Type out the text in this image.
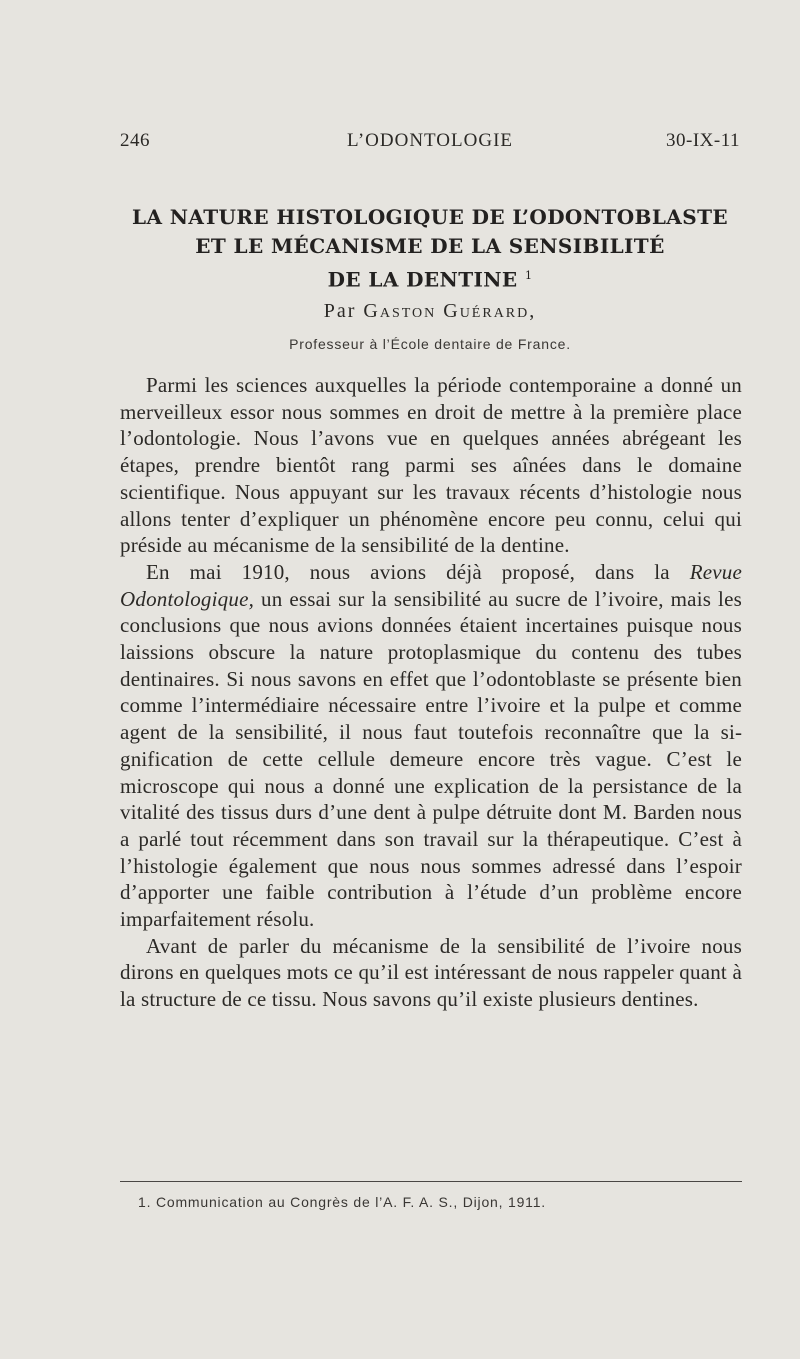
246	L’ODONTOLOGIE	30-IX-11
LA NATURE HISTOLOGIQUE DE L’ODONTOBLASTE
ET LE MÉCANISME DE LA SENSIBILITÉ
DE LA DENTINE $^1$
Par Gaston Guérard,
Professeur à l’École dentaire de France.

Parmi les sciences auxquelles la période contemporaine a donné un merveilleux essor nous sommes en droit de mettre à la première place l’odontologie. Nous l’avons vue en quelques années abrégeant les étapes, prendre bientôt rang parmi ses aînées dans le domaine scientifique. Nous appuyant sur les travaux récents d’histologie nous allons tenter d’expliquer un phénomène encore peu connu, celui qui préside au mécanisme de la sensibilité de la dentine.

En mai 1910, nous avions déjà proposé, dans la Revue Odontologique, un essai sur la sensibilité au sucre de l’ivoire, mais les conclusions que nous avions données étaient incertaines puisque nous laissions obscure la nature protoplasmique du contenu des tubes dentinaires. Si nous savons en effet que l’odontoblaste se présente bien comme l’intermédiaire nécessaire entre l’ivoire et la pulpe et comme agent de la sensibilité, il nous faut toutefois reconnaître que la signification de cette cellule demeure encore très vague. C’est le microscope qui nous a donné une explication de la persistance de la vitalité des tissus durs d’une dent à pulpe détruite dont M. Barden nous a parlé tout récemment dans son travail sur la thérapeutique. C’est à l’histologie également que nous nous sommes adressé dans l’espoir d’apporter une faible contribution à l’étude d’un problème encore imparfaitement résolu.

Avant de parler du mécanisme de la sensibilité de l’ivoire nous dirons en quelques mots ce qu’il est intéressant de nous rappeler quant à la structure de ce tissu. Nous savons qu’il existe plusieurs dentines.

1. Communication au Congrès de l’A. F. A. S., Dijon, 1911.
